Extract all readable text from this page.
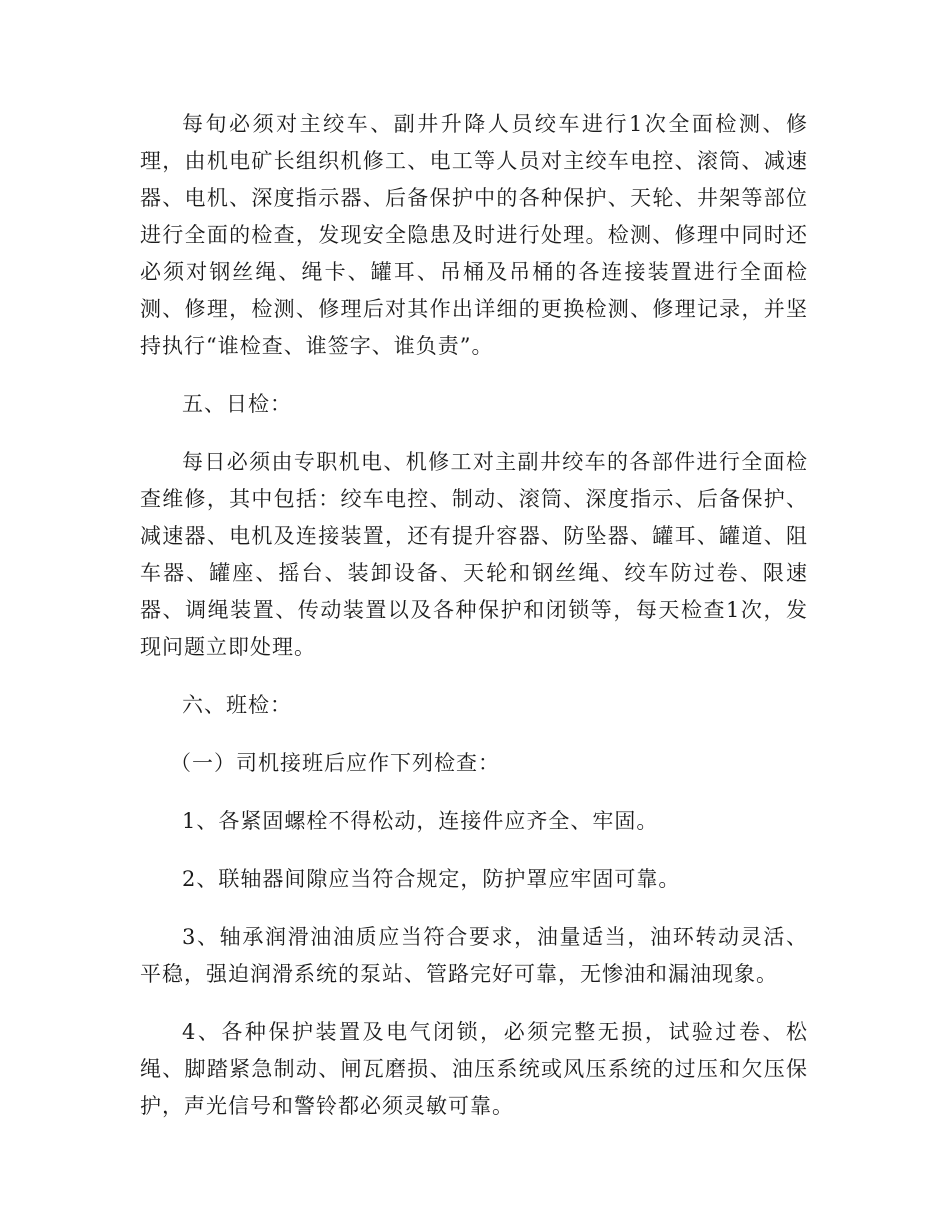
每旬必须对主绞车、副井升降人员绞车进行1次全面检测、修理，由机电矿长组织机修工、电工等人员对主绞车电控、滚筒、减速器、电机、深度指示器、后备保护中的各种保护、天轮、井架等部位进行全面的检查，发现安全隐患及时进行处理。检测、修理中同时还必须对钢丝绳、绳卡、罐耳、吊桶及吊桶的各连接装置进行全面检测、修理，检测、修理后对其作出详细的更换检测、修理记录，并坚持执行“谁检查、谁签字、谁负责”。

五、日检：

每日必须由专职机电、机修工对主副井绞车的各部件进行全面检查维修，其中包括：绞车电控、制动、滚筒、深度指示、后备保护、减速器、电机及连接装置，还有提升容器、防坠器、罐耳、罐道、阻车器、罐座、摇台、装卸设备、天轮和钢丝绳、绞车防过卷、限速器、调绳装置、传动装置以及各种保护和闭锁等，每天检查1次，发现问题立即处理。

六、班检：

（一）司机接班后应作下列检查：

1、各紧固螺栓不得松动，连接件应齐全、牢固。

2、联轴器间隙应当符合规定，防护罩应牢固可靠。

3、轴承润滑油油质应当符合要求，油量适当，油环转动灵活、平稳，强迫润滑系统的泵站、管路完好可靠，无惨油和漏油现象。

4、各种保护装置及电气闭锁，必须完整无损，试验过卷、松绳、脚踏紧急制动、闸瓦磨损、油压系统或风压系统的过压和欠压保护，声光信号和警铃都必须灵敏可靠。
